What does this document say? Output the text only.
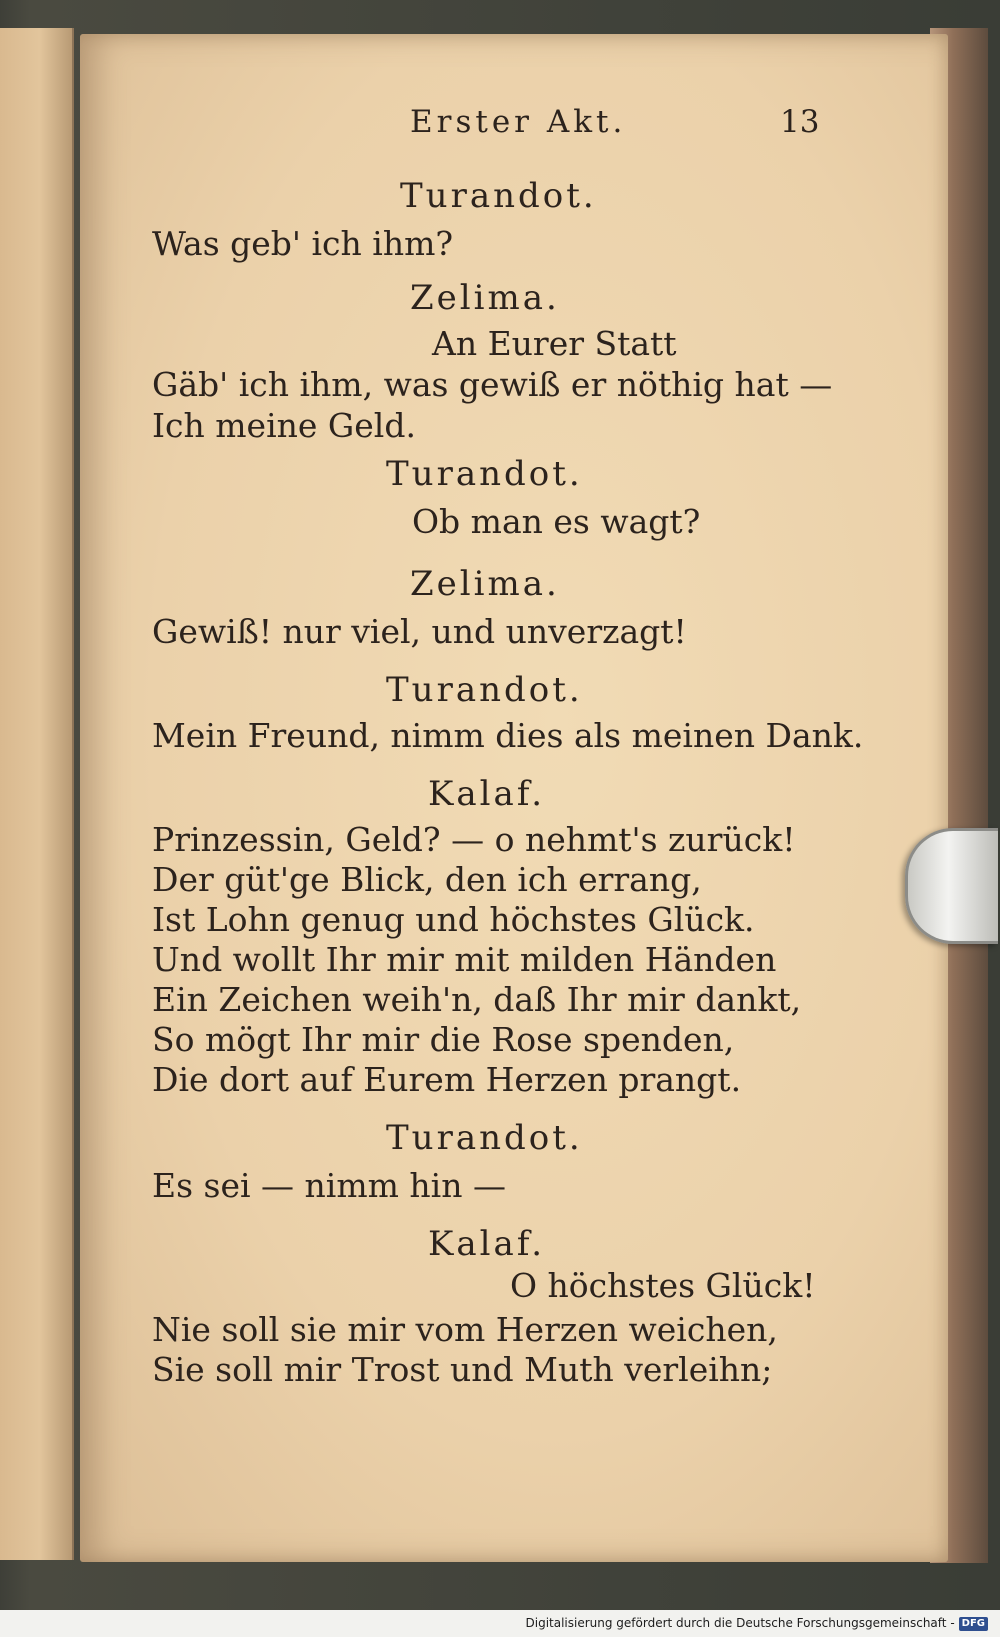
Erster Akt.	13
Turandot.
Was geb' ich ihm?
Zelima.
An Eurer Statt
Gäb' ich ihm, was gewiß er nöthig hat —
Ich meine Geld.
Turandot.
Ob man es wagt?
Zelima.
Gewiß! nur viel, und unverzagt!
Turandot.
Mein Freund, nimm dies als meinen Dank.
Kalaf.
Prinzessin, Geld? — o nehmt's zurück!
Der güt'ge Blick, den ich errang,
Ist Lohn genug und höchstes Glück.
Und wollt Ihr mir mit milden Händen
Ein Zeichen weih'n, daß Ihr mir dankt,
So mögt Ihr mir die Rose spenden,
Die dort auf Eurem Herzen prangt.
Turandot.
Es sei — nimm hin —
Kalaf.
O höchstes Glück!
Nie soll sie mir vom Herzen weichen,
Sie soll mir Trost und Muth verleihn;
Digitalisierung gefördert durch die Deutsche Forschungsgemeinschaft - DFG
